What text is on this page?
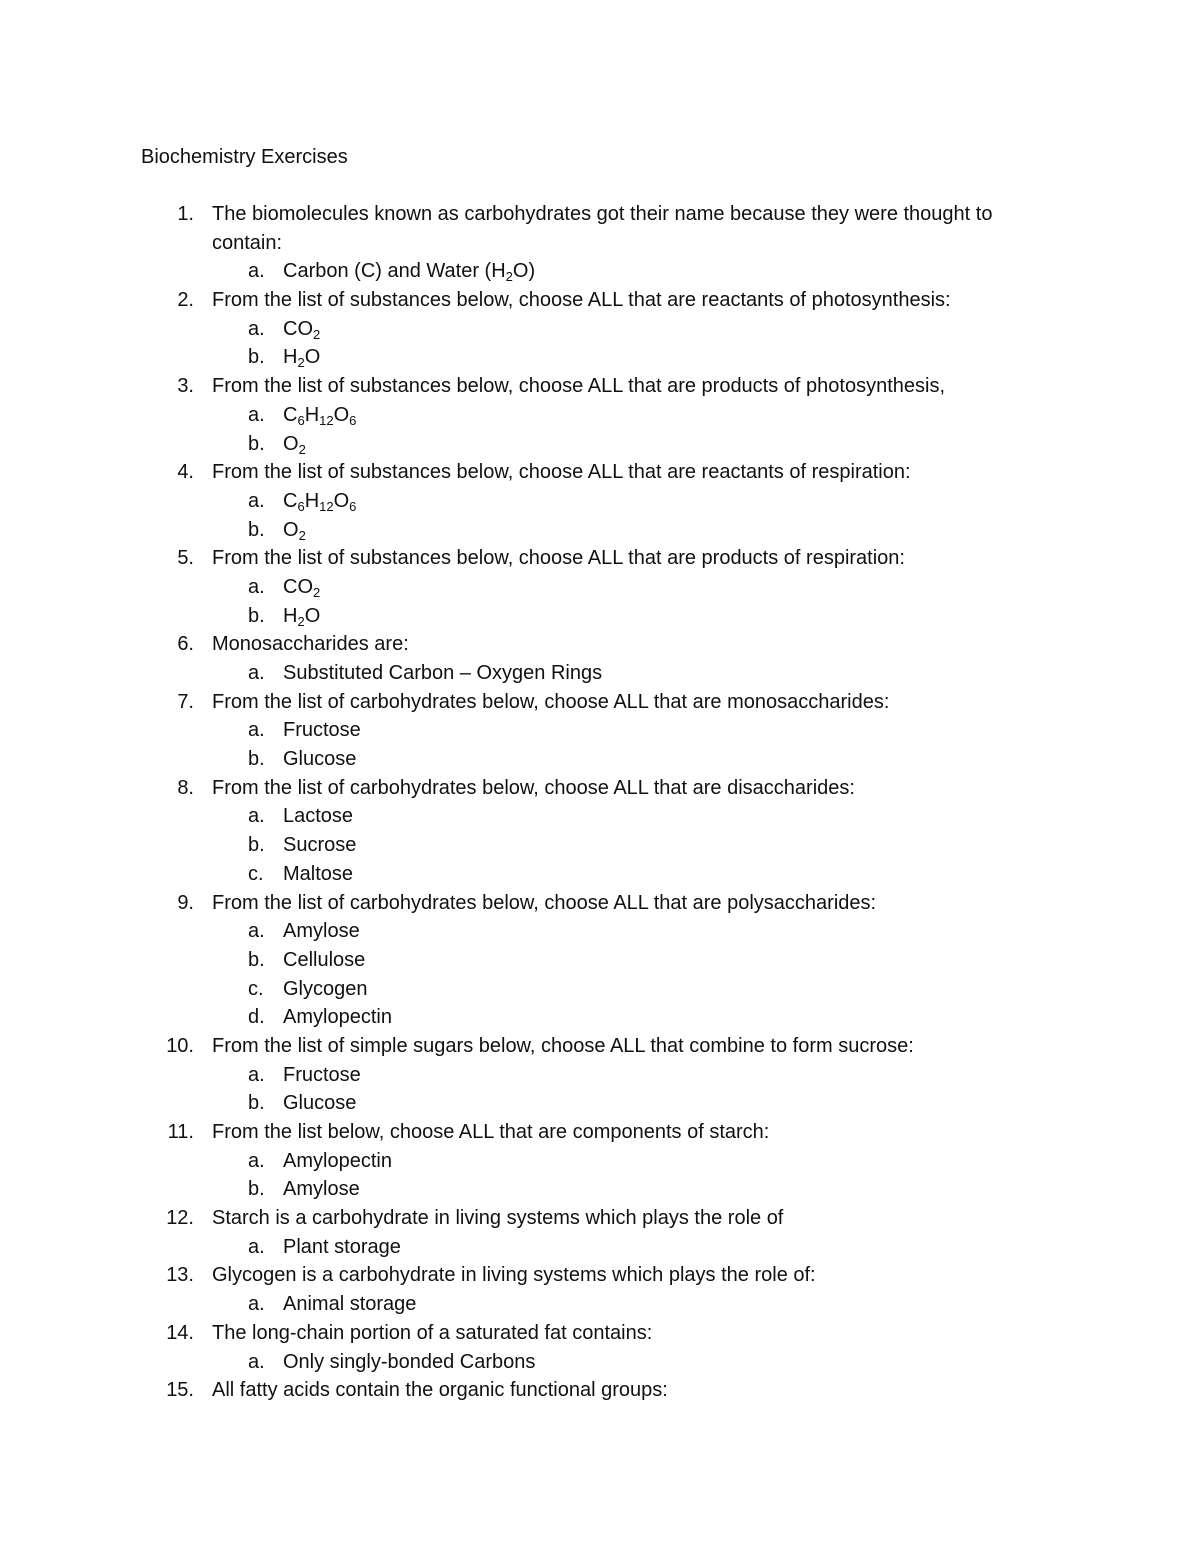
Biochemistry Exercises
1. The biomolecules known as carbohydrates got their name because they were thought to
contain:
a. Carbon (C) and Water $(H_2O)$
2. From the list of substances below, choose ALL that are reactants of photosynthesis:
a. $CO_2$
b. $H_2O$
3. From the list of substances below, choose ALL that are products of photosynthesis,
a. $C_6H_{12}O_6$
b. $O_2$
4. From the list of substances below, choose ALL that are reactants of respiration:
a. $C_6H_{12}O_6$
b. $O_2$
5. From the list of substances below, choose ALL that are products of respiration:
a. $CO_2$
b. $H_2O$
6. Monosaccharides are:
a. Substituted Carbon – Oxygen Rings
7. From the list of carbohydrates below, choose ALL that are monosaccharides:
a. Fructose
b. Glucose
8. From the list of carbohydrates below, choose ALL that are disaccharides:
a. Lactose
b. Sucrose
c. Maltose
9. From the list of carbohydrates below, choose ALL that are polysaccharides:
a. Amylose
b. Cellulose
c. Glycogen
d. Amylopectin
10. From the list of simple sugars below, choose ALL that combine to form sucrose:
a. Fructose
b. Glucose
11. From the list below, choose ALL that are components of starch:
a. Amylopectin
b. Amylose
12. Starch is a carbohydrate in living systems which plays the role of
a. Plant storage
13. Glycogen is a carbohydrate in living systems which plays the role of:
a. Animal storage
14. The long-chain portion of a saturated fat contains:
a. Only singly-bonded Carbons
15. All fatty acids contain the organic functional groups:
